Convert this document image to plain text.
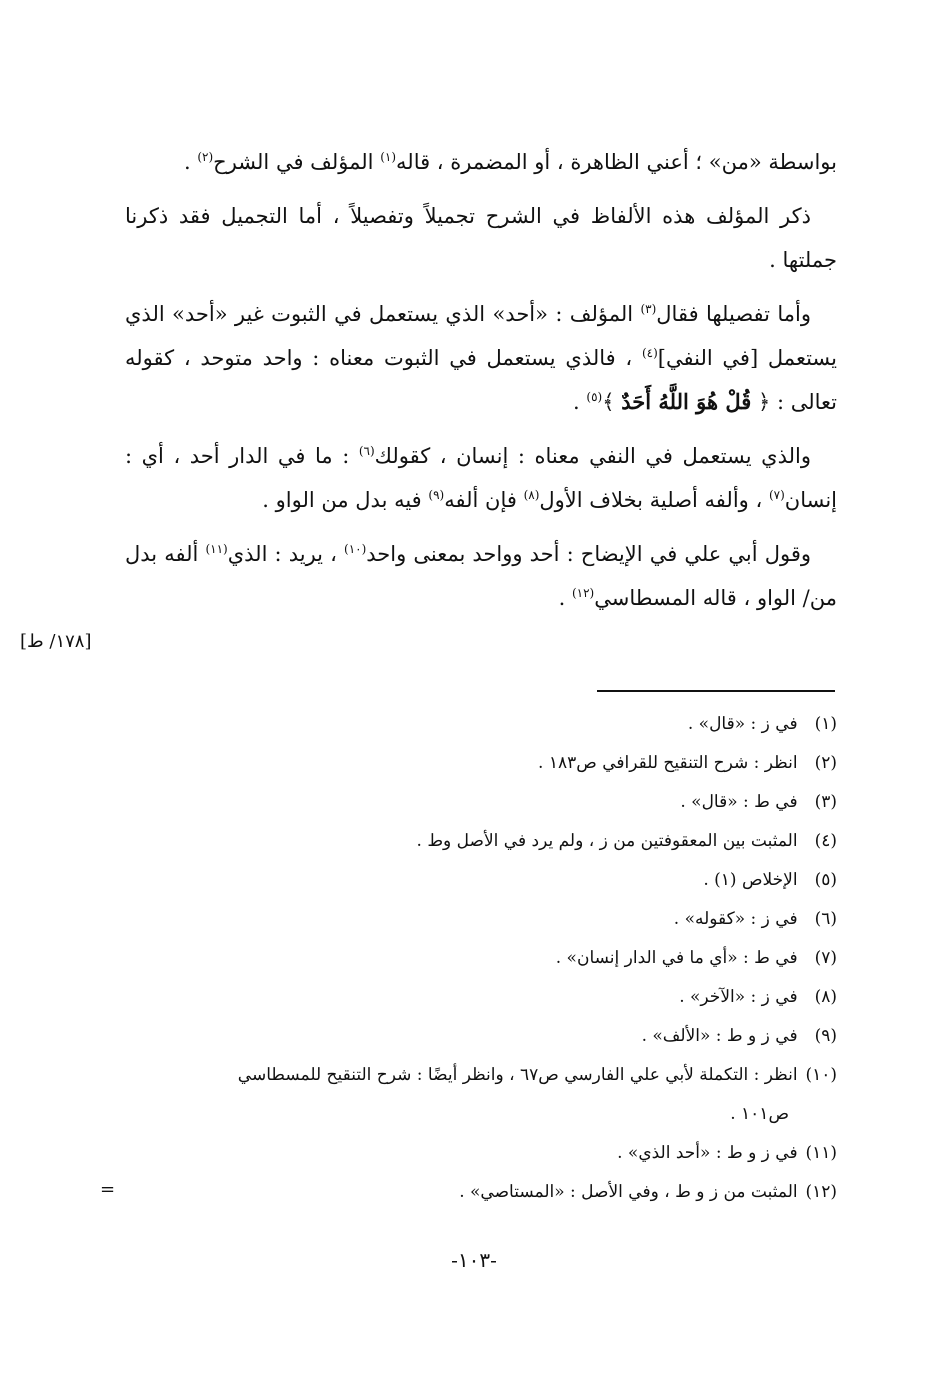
بواسطة «من» ؛ أعني الظاهرة ، أو المضمرة ، قاله$^{(١)}$ المؤلف في الشرح$^{(٢)}$ .
ذكر المؤلف هذه الألفاظ في الشرح تجميلاً وتفصيلاً ، أما التجميل فقد ذكرنا جملتها .
وأما تفصيلها فقال$^{(٣)}$ المؤلف : «أحد» الذي يستعمل في الثبوت غير «أحد» الذي يستعمل [في النفي]$^{(٤)}$ ، فالذي يستعمل في الثبوت معناه : واحد متوحد ، كقوله تعالى : ﴿ قُلْ هُوَ اللَّهُ أَحَدٌ ﴾$^{(٥)}$ .
والذي يستعمل في النفي معناه : إنسان ، كقولك$^{(٦)}$ : ما في الدار أحد ، أي : إنسان$^{(٧)}$ ، وألفه أصلية بخلاف الأول$^{(٨)}$ فإن ألفه$^{(٩)}$ فيه بدل من الواو .
وقول أبي علي في الإيضاح : أحد وواحد بمعنى واحد$^{(١٠)}$ ، يريد : الذي$^{(١١)}$ ألفه بدل من/ الواو ، قاله المسطاسي$^{(١٢)}$ .
[١٧٨/ ط]

(١) في ز : «قال» .

(٢) انظر : شرح التنقيح للقرافي ص١٨٣ .

(٣) في ط : «قال» .

(٤) المثبت بين المعقوفتين من ز ، ولم يرد في الأصل وط .

(٥) الإخلاص (١) .

(٦) في ز : «كقوله» .

(٧) في ط : «أي ما في الدار إنسان» .

(٨) في ز : «الآخر» .

(٩) في ز و ط : «الألف» .

(١٠) انظر : التكملة لأبي علي الفارسي ص٦٧ ، وانظر أيضًا : شرح التنقيح للمسطاسي

ص١٠١ .

(١١) في ز و ط : «أحد الذي» .

(١٢) المثبت من ز و ط ، وفي الأصل : «المستاصي» .

=
-١٠٣-
